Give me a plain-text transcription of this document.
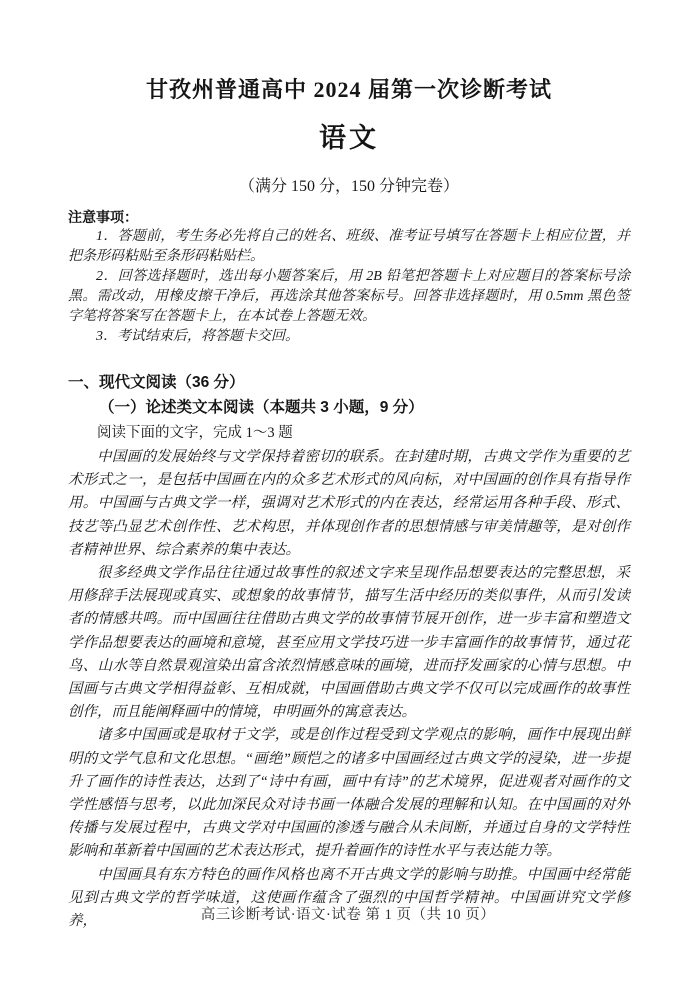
甘孜州普通高中 2024 届第一次诊断考试
语文
（满分 150 分，150 分钟完卷）
注意事项：

1．答题前，考生务必先将自己的姓名、班级、准考证号填写在答题卡上相应位置，并把条形码粘贴至条形码粘贴栏。

2．回答选择题时，选出每小题答案后，用 2B 铅笔把答题卡上对应题目的答案标号涂黑。需改动，用橡皮擦干净后，再选涂其他答案标号。回答非选择题时，用 0.5mm 黑色签字笔将答案写在答题卡上，在本试卷上答题无效。

3．考试结束后，将答题卡交回。

一、现代文阅读（36 分）
（一）论述类文本阅读（本题共 3 小题，9 分）
阅读下面的文字，完成 1～3 题

中国画的发展始终与文学保持着密切的联系。在封建时期，古典文学作为重要的艺术形式之一，是包括中国画在内的众多艺术形式的风向标，对中国画的创作具有指导作用。中国画与古典文学一样，强调对艺术形式的内在表达，经常运用各种手段、形式、技艺等凸显艺术创作性、艺术构思，并体现创作者的思想情感与审美情趣等，是对创作者精神世界、综合素养的集中表达。

很多经典文学作品往往通过故事性的叙述文字来呈现作品想要表达的完整思想，采用修辞手法展现或真实、或想象的故事情节，描写生活中经历的类似事件，从而引发读者的情感共鸣。而中国画往往借助古典文学的故事情节展开创作，进一步丰富和塑造文学作品想要表达的画境和意境，甚至应用文学技巧进一步丰富画作的故事情节，通过花鸟、山水等自然景观渲染出富含浓烈情感意味的画境，进而抒发画家的心情与思想。中国画与古典文学相得益彰、互相成就，中国画借助古典文学不仅可以完成画作的故事性创作，而且能阐释画中的情境，申明画外的寓意表达。

诸多中国画或是取材于文学，或是创作过程受到文学观点的影响，画作中展现出鲜明的文学气息和文化思想。“画绝”顾恺之的诸多中国画经过古典文学的浸染，进一步提升了画作的诗性表达，达到了“诗中有画，画中有诗”的艺术境界，促进观者对画作的文学性感悟与思考，以此加深民众对诗书画一体融合发展的理解和认知。在中国画的对外传播与发展过程中，古典文学对中国画的渗透与融合从未间断，并通过自身的文学特性影响和革新着中国画的艺术表达形式，提升着画作的诗性水平与表达能力等。

中国画具有东方特色的画作风格也离不开古典文学的影响与助推。中国画中经常能见到古典文学的哲学味道，这使画作蕴含了强烈的中国哲学精神。中国画讲究文学修养，	高三诊断考试·语文·试卷 第 1 页（共 10 页）
